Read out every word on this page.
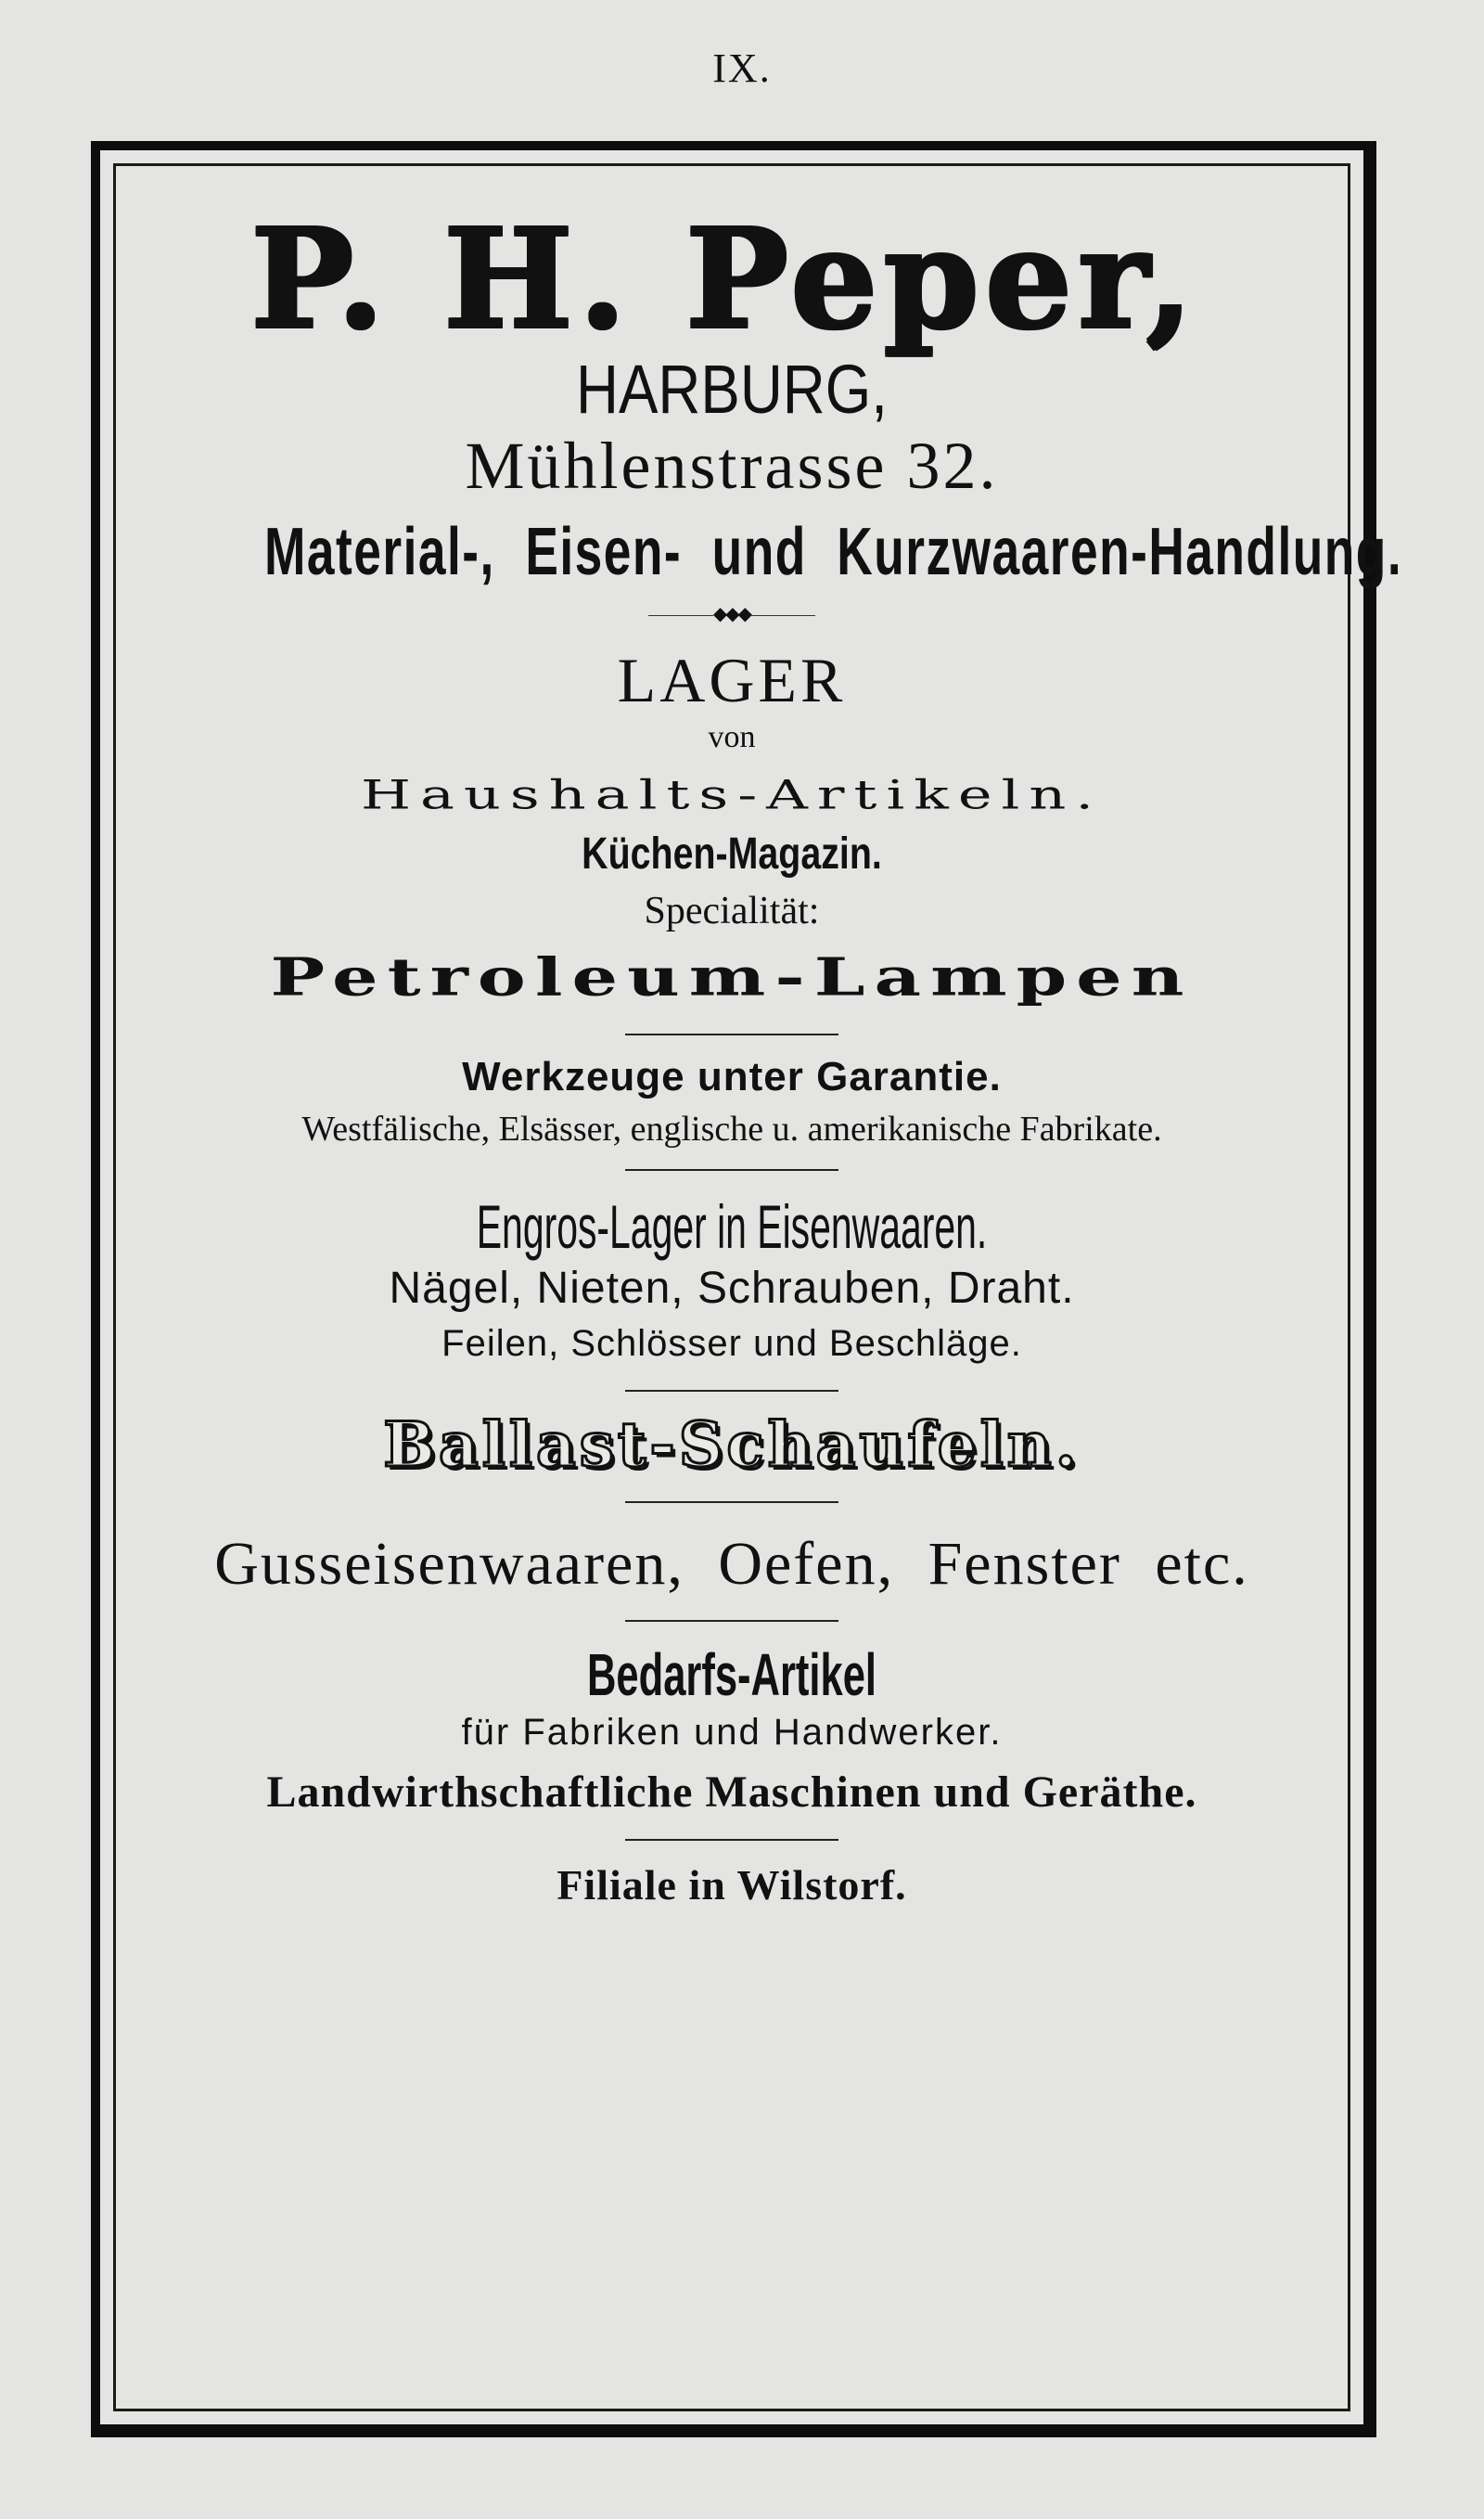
IX.
P. H. Peper,
HARBURG,
Mühlenstrasse 32.
Material-, Eisen- und Kurzwaaren-Handlung.
◆◆◆
LAGER
von
Haushalts-Artikeln.
Küchen-Magazin.
Specialität:
Petroleum-Lampen
Werkzeuge unter Garantie.
Westfälische, Elsässer, englische u. amerikanische Fabrikate.
Engros-Lager in Eisenwaaren.
Nägel, Nieten, Schrauben, Draht.
Feilen, Schlösser und Beschläge.
Ballast-Schaufeln.
Gusseisenwaaren, Oefen, Fenster etc.
Bedarfs-Artikel
für Fabriken und Handwerker.
Landwirthschaftliche Maschinen und Geräthe.
Filiale in Wilstorf.
